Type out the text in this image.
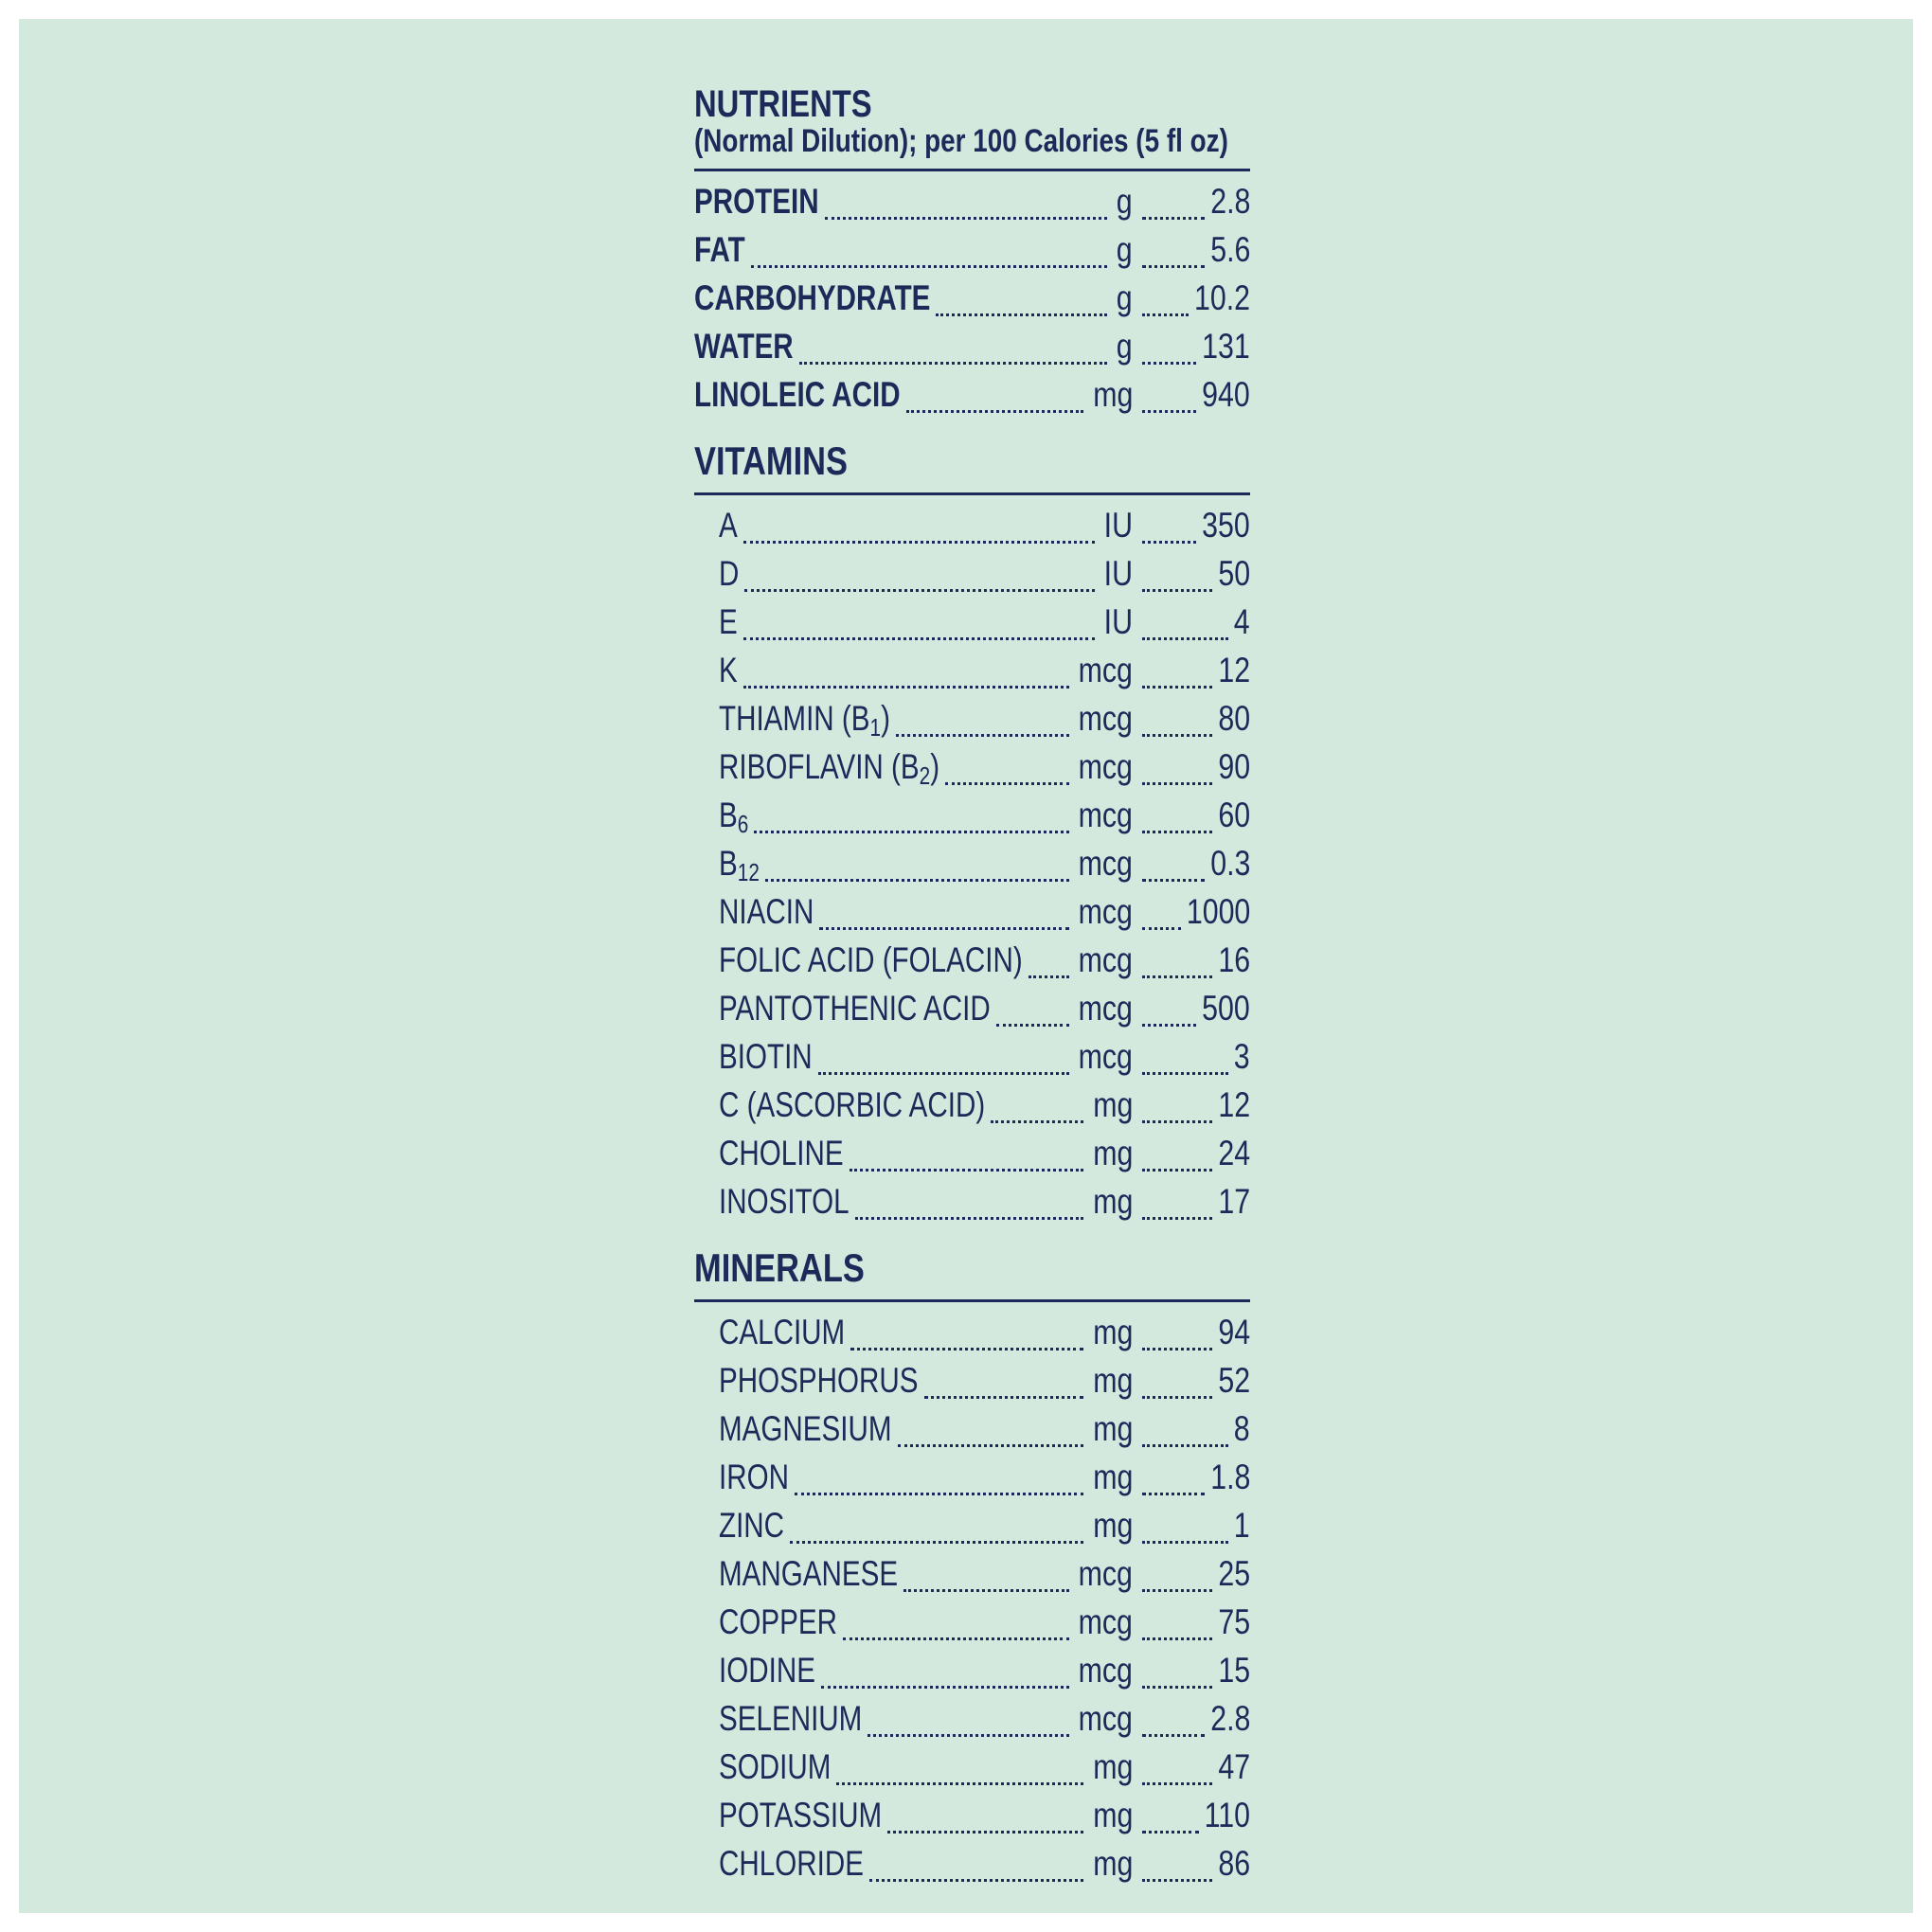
NUTRIENTS
(Normal Dilution); per 100 Calories (5 fl oz)
PROTEIN	g 2.8
FAT	g 5.6
CARBOHYDRATE	g 10.2
WATER	g 131
LINOLEIC ACID	mg 940
VITAMINS
A	IU 350
D	IU 50
E	IU	4
K	mcg 12
THIAMIN $(B_1)$	mcg 80
RIBOFLAVIN $(B_2)$	mcg 90
$B_6$	mcg 60
$B_{12}$	mcg 0.3
NIACIN	mcg 1000
FOLIC ACID (FOLACIN) mcg 16
PANTOTHENIC ACID	mcg 500
BIOTIN	mcg	3
C (ASCORBIC ACID)	mg 12
CHOLINE	mg 24
INOSITOL	mg 17
MINERALS
CALCIUM	mg 94
PHOSPHORUS	mg 52
MAGNESIUM	mg	8
IRON	mg 1.8
ZINC	mg	1
MANGANESE	mcg 25
COPPER	mcg 75
IODINE	mcg 15
SELENIUM	mcg 2.8
SODIUM	mg 47
POTASSIUM	mg 110
CHLORIDE	mg 86
